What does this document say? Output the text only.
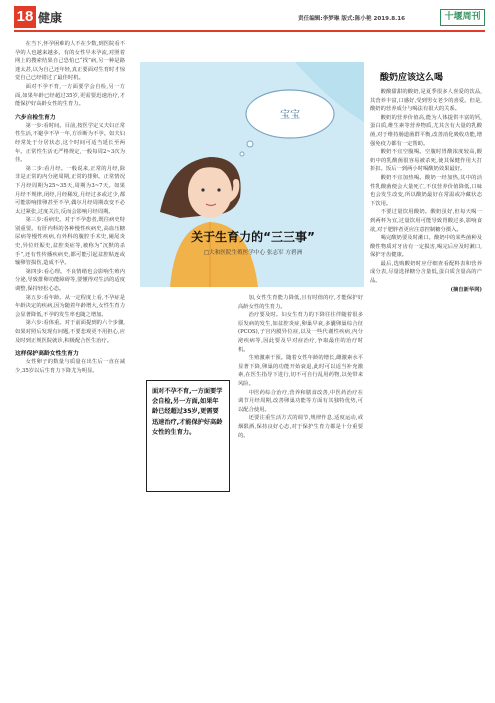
18 健康	责任编辑:李梦琳 版式:陈小艳 2019.8.16	十堰周刊

在当下,怀孕困难的人不在少数,到医院看不孕的人也越来越多。有的女性早未孕流,对照着网上的搜索结果自己恐怕已“找”病,另一种是路迷太甚,以为自己还年轻,真正要面对生育时才惊觉自己已经错过了最佳时机。

面对不孕不育,一方面要学会自检,另一方面,如果年龄已经超过35岁,更需要迅速治疗,才能保护好高龄女性的生育力。

六步自检生育力

第一步:看时间。目前,按医学定义夫妇正常性生活,不避孕不孕一年,方诊断为不孕。如夫妇经常处于分居状态,这个时间可适当延长至两年。正常性生活无严格规定,一般每周2~3次为佳。

第二步:看月经。一般说来,正常的月经,除非是正常的内分泌周期,正常的排卵。正常情况下月经周期为25~35天,周期为3~7天。如果月经不规律,闭经,月经稀发,月经过多或过少,都可能影响排卵甚至不孕,偶尔月经周期改变不必太过紧张,过度关注,反而会影响月经周期。

第三步:看病史。对于不孕患者,既往病史特别重要。有肝内科的各种慢性疾病史,高血压糖尿病等慢性疾病,有外科的腹腔手术史,阑尾炎史,异位妊娠史,盆腔炎症等,被称为“沉默的杀手”,还有性传播疾病史,都可能引起盆腔粘连或输卵管损伤,造成不孕。

第四步:看心理。不良情绪也会影响生殖内分泌,导致排卵功能障碍等,要懂得对生活的适度调整,保持轻松心态。

第五步:看年龄。从一定程度上看,不孕症是年龄决定的疾病,因为随着年龄增大,女性生育力会显著降低,不孕的发生率也随之增加。

第六步:看体重。对于前面提到的六个步骤,如果对照后发现有问题,不要悲观更不用担心,应及时到正规医院就诊,积极配合医生治疗。

这样保护高龄女性生育力

女性卵子的数量与质量在出生后一直在减少,35岁以后生育力下降尤为明显。

宝宝
关于生育力的“三三事”
□大和医院生殖医学中心 张志军 方碧洲

面对不孕不育,一方面要学会自检,另一方面,如果年龄已经超过35岁,更需要迅速治疗,才能保护好高龄女性的生育力。

加,女性生育能力降低,且有时值的疗,才能保护好高龄女性的生育力。

治疗要及时。妇女生育力的下降往往伴随着很多原发病的发生,如盆腔炎症,卵巢早衰,多囊卵巢综合征(PCOS),子宫内膜异位症,以及一些代谢性疾病,内分泌疾病等,因此要及早对症治疗,争取最佳的治疗时机。

生殖激素干预。随着女性年龄的增长,雌激素水平显著下降,卵巢的功能开始衰退,此时可以适当补充激素,在医生指导下进行,切不可自行乱用药物,以免带来风险。

中医药综合治疗,营养和膳食改善,中医药治疗在调节月经周期,改善卵巢功能等方面有其独特优势,可以配合使用。

还要注重生活方式的调节,规律作息,适度运动,戒烟限酒,保持良好心态,对于保护生育力都是十分重要的。

酸奶应该这么喝

酸酸甜甜的酸奶,是夏季很多人喜爱的饮品,其营养丰富,口感好,受到男女老少的喜爱。但是,酸奶的营养成分与喝法有很大的关系。

酸奶的营养价值高,能为人体提供丰富的钙,蛋白质,维生素等营养物质,尤其含有大量的乳酸菌,对于维持肠道菌群平衡,改善消化吸收功能,增强免疫力都有一定帮助。

酸奶不宜空腹喝。空腹时胃酸浓度较高,酸奶中的乳酸菌很容易被杀死,使其保健作用大打折扣。饭后一到两小时喝酸奶效果最好。

酸奶不宜加热喝。酸奶一经加热,其中的活性乳酸菌便会大量死亡,不仅营养价值降低,口味也会发生改变,所以酸奶最好在常温或冷藏状态下饮用。

不要过量饮用酸奶。酸奶虽好,但每天喝一到两杯为宜,过量饮用可能导致胃酸过多,影响食欲,对于肥胖者更应注意控制糖分摄入。

喝完酸奶要及时漱口。酸奶中的某些菌种及酸性物质对牙齿有一定损害,喝完后应及时漱口,保护牙齿健康。

最后,选购酸奶时应仔细查看配料表和营养成分表,尽量选择糖分含量低,蛋白质含量高的产品。

(摘自新华网)
